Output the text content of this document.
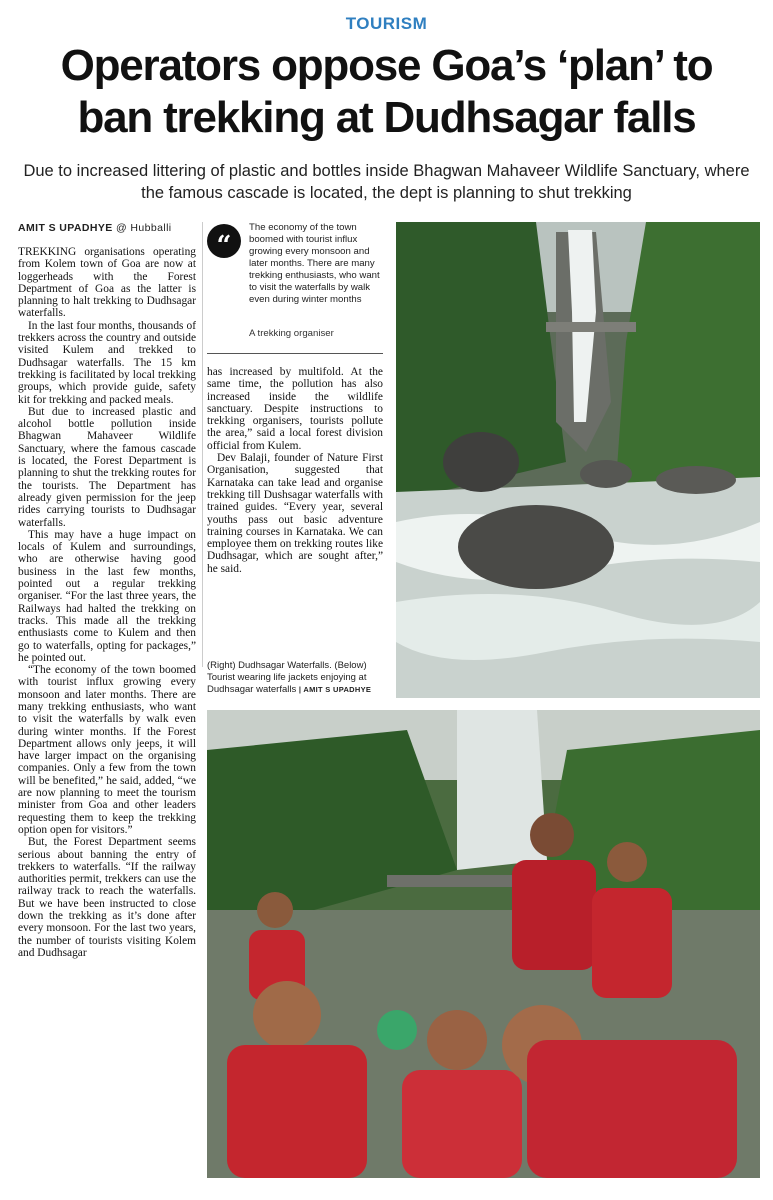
TOURISM
Operators oppose Goa’s ‘plan’ to
ban trekking at Dudhsagar falls
Due to increased littering of plastic and bottles inside Bhagwan Mahaveer Wildlife Sanctuary, where the famous cascade is located, the dept is planning to shut trekking
AMIT S UPADHYE @ Hubballi

TREKKING organisations operating from Kolem town of Goa are now at loggerheads with the Forest Department of Goa as the latter is planning to halt trekking to Dudhsagar waterfalls.

In the last four months, thousands of trekkers across the country and outside visited Kulem and trekked to Dudhsagar waterfalls. The 15 km trekking is facilitated by local trekking groups, which provide guide, safety kit for trekking and packed meals.

But due to increased plastic and alcohol bottle pollution inside Bhagwan Mahaveer Wildlife Sanctuary, where the famous cascade is located, the Forest Department is planning to shut the trekking routes for the tourists. The Department has already given permission for the jeep rides carrying tourists to Dudhsagar waterfalls.

This may have a huge impact on locals of Kulem and surroundings, who are otherwise having good business in the last few months, pointed out a regular trekking organiser. “For the last three years, the Railways had halted the trekking on tracks. This made all the trekking enthusiasts come to Kulem and then go to waterfalls, opting for packages,” he pointed out.

“The economy of the town boomed with tourist influx growing every monsoon and later months. There are many trekking enthusiasts, who want to visit the waterfalls by walk even during winter months. If the Forest Department allows only jeeps, it will have larger impact on the organising companies. Only a few from the town will be benefited,” he said, added, “we are now planning to meet the tourism minister from Goa and other leaders requesting them to keep the trekking option open for visitors.”

But, the Forest Department seems serious about banning the entry of trekkers to waterfalls. “If the railway authorities permit, trekkers can use the railway track to reach the waterfalls. But we have been instructed to close down the trekking as it’s done after every monsoon. For the last two years, the number of tourists visiting Kolem and Dudhsagar

“
The economy of the town boomed with tourist influx growing every monsoon and later months. There are many trekking enthusiasts, who want to visit the waterfalls by walk even during winter months
A trekking organiser

has increased by multifold. At the same time, the pollution has also increased inside the wildlife sanctuary. Despite instructions to trekking organisers, tourists pollute the area,” said a local forest division official from Kulem.

Dev Balaji, founder of Nature First Organisation, suggested that Karnataka can take lead and organise trekking till Dushsagar waterfalls with trained guides. “Every year, several youths pass out basic adventure training courses in Karnataka. We can employee them on trekking routes like Dudhsagar, which are sought after,” he said.

(Right) Dudhsagar Waterfalls. (Below) Tourist wearing life jackets enjoying at Dudhsagar waterfalls | AMIT S UPADHYE
